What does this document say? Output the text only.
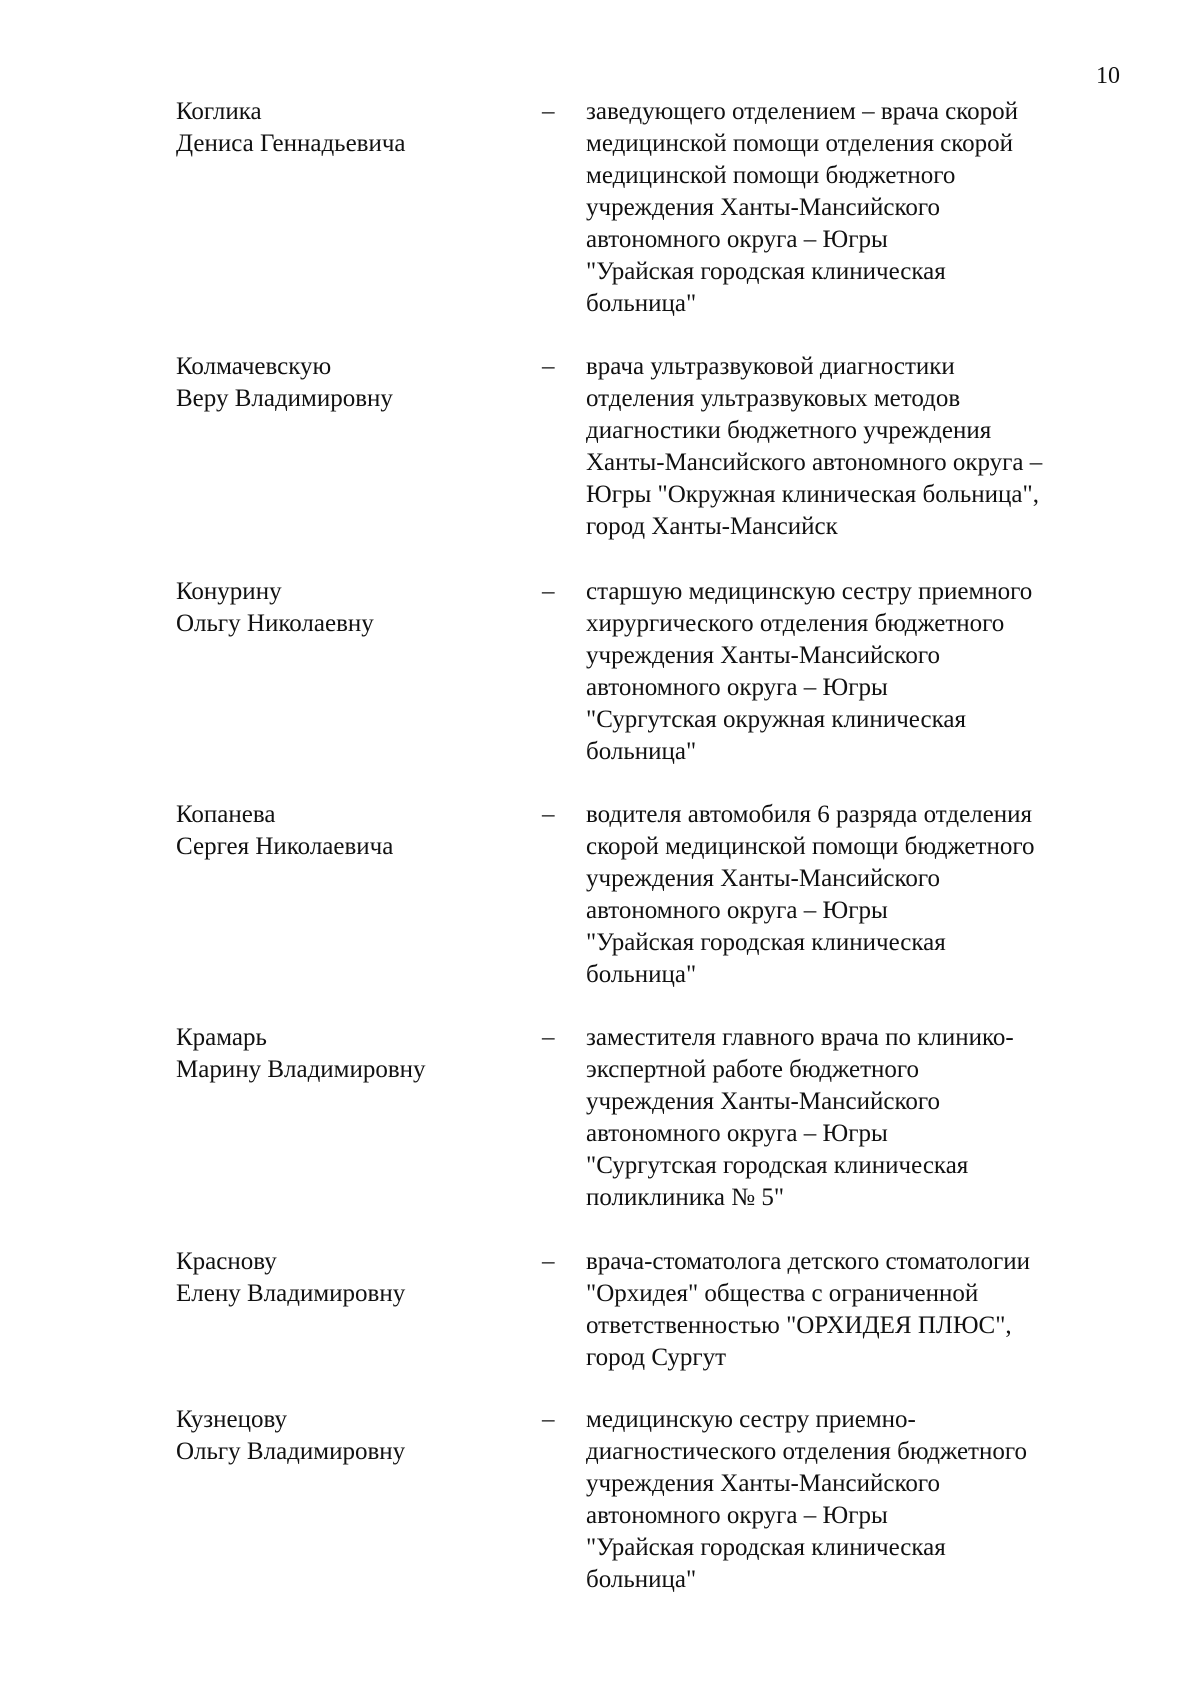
10
Коглика
Дениса Геннадьевича
– заведующего отделением – врача скорой
медицинской помощи отделения скорой
медицинской помощи бюджетного
учреждения Ханты-Мансийского
автономного округа – Югры
"Урайская городская клиническая
больница"
Колмачевскую
Веру Владимировну
– врача ультразвуковой диагностики
отделения ультразвуковых методов
диагностики бюджетного учреждения
Ханты-Мансийского автономного округа –
Югры "Окружная клиническая больница",
город Ханты-Мансийск
Конурину
Ольгу Николаевну
– старшую медицинскую сестру приемного
хирургического отделения бюджетного
учреждения Ханты-Мансийского
автономного округа – Югры
"Сургутская окружная клиническая
больница"
Копанева
Сергея Николаевича
– водителя автомобиля 6 разряда отделения
скорой медицинской помощи бюджетного
учреждения Ханты-Мансийского
автономного округа – Югры
"Урайская городская клиническая
больница"
Крамарь
Марину Владимировну
– заместителя главного врача по клинико-
экспертной работе бюджетного
учреждения Ханты-Мансийского
автономного округа – Югры
"Сургутская городская клиническая
поликлиника № 5"
Краснову
Елену Владимировну
– врача-стоматолога детского стоматологии
"Орхидея" общества с ограниченной
ответственностью "ОРХИДЕЯ ПЛЮС",
город Сургут
Кузнецову
Ольгу Владимировну
– медицинскую сестру приемно-
диагностического отделения бюджетного
учреждения Ханты-Мансийского
автономного округа – Югры
"Урайская городская клиническая
больница"
